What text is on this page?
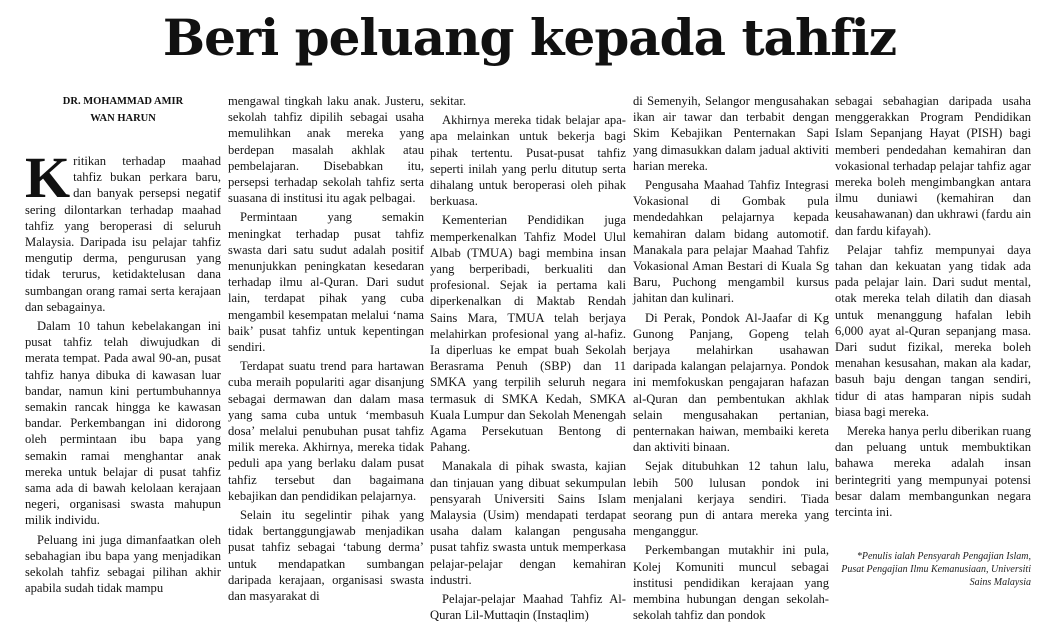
Beri peluang kepada tahfiz
DR. MOHAMMAD AMIR
WAN HARUN

Kritikan terhadap maahad tahfiz bukan perkara baru, dan banyak persepsi negatif sering dilontarkan terhadap maahad tahfiz yang beroperasi di seluruh Malaysia. Daripada isu pelajar tahfiz mengutip derma, pengurusan yang tidak terurus, ketidaktelusan dana sumbangan orang ramai serta kerajaan dan sebagainya.

Dalam 10 tahun kebelakangan ini pusat tahfiz telah diwujudkan di merata tempat. Pada awal 90-an, pusat tahfiz hanya dibuka di kawasan luar bandar, namun kini pertumbuhannya semakin rancak hingga ke kawasan bandar. Perkembangan ini didorong oleh permintaan ibu bapa yang semakin ramai menghantar anak mereka untuk belajar di pusat tahfiz sama ada di bawah kelolaan kerajaan negeri, organisasi swasta mahupun milik individu.

Peluang ini juga dimanfaatkan oleh sebahagian ibu bapa yang menjadikan sekolah tahfiz sebagai pilihan akhir apabila sudah tidak mampu

mengawal tingkah laku anak. Justeru, sekolah tahfiz dipilih sebagai usaha memulihkan anak mereka yang berdepan masalah akhlak atau pembelajaran. Disebabkan itu, persepsi terhadap sekolah tahfiz serta suasana di institusi itu agak pelbagai.

Permintaan yang semakin meningkat terhadap pusat tahfiz swasta dari satu sudut adalah positif menunjukkan peningkatan kesedaran terhadap ilmu al-Quran. Dari sudut lain, terdapat pihak yang cuba mengambil kesempatan melalui ‘nama baik’ pusat tahfiz untuk kepentingan sendiri.

Terdapat suatu trend para hartawan cuba meraih populariti agar disanjung sebagai dermawan dan dalam masa yang sama cuba untuk ‘membasuh dosa’ melalui penubuhan pusat tahfiz milik mereka. Akhirnya, mereka tidak peduli apa yang berlaku dalam pusat tahfiz tersebut dan bagaimana kebajikan dan pendidikan pelajarnya.

Selain itu segelintir pihak yang tidak bertanggungjawab menjadikan pusat tahfiz sebagai ‘tabung derma’ untuk mendapatkan sumbangan daripada kerajaan, organisasi swasta dan masyarakat di

sekitar.

Akhirnya mereka tidak belajar apa-apa melainkan untuk bekerja bagi pihak tertentu. Pusat-pusat tahfiz seperti inilah yang perlu ditutup serta dihalang untuk beroperasi oleh pihak berkuasa.

Kementerian Pendidikan juga memperkenalkan Tahfiz Model Ulul Albab (TMUA) bagi membina insan yang berperibadi, berkualiti dan profesional. Sejak ia pertama kali diperkenalkan di Maktab Rendah Sains Mara, TMUA telah berjaya melahirkan profesional yang al-hafiz. Ia diperluas ke empat buah Sekolah Berasrama Penuh (SBP) dan 11 SMKA yang terpilih seluruh negara termasuk di SMKA Kedah, SMKA Kuala Lumpur dan Sekolah Menengah Agama Persekutuan Bentong di Pahang.

Manakala di pihak swasta, kajian dan tinjauan yang dibuat sekumpulan pensyarah Universiti Sains Islam Malaysia (Usim) mendapati terdapat usaha dalam kalangan pengusaha pusat tahfiz swasta untuk memperkasa pelajar-pelajar dengan kemahiran industri.

Pelajar-pelajar Maahad Tahfiz Al-Quran Lil-Muttaqin (Instaqlim)

di Semenyih, Selangor mengusahakan ikan air tawar dan terbabit dengan Skim Kebajikan Penternakan Sapi yang dimasukkan dalam jadual aktiviti harian mereka.

Pengusaha Maahad Tahfiz Integrasi Vokasional di Gombak pula mendedahkan pelajarnya kepada kemahiran dalam bidang automotif. Manakala para pelajar Maahad Tahfiz Vokasional Aman Bestari di Kuala Sg Baru, Puchong mengambil kursus jahitan dan kulinari.

Di Perak, Pondok Al-Jaafar di Kg Gunong Panjang, Gopeng telah berjaya melahirkan usahawan daripada kalangan pelajarnya. Pondok ini memfokuskan pengajaran hafazan al-Quran dan pembentukan akhlak selain mengusahakan pertanian, penternakan haiwan, membaiki kereta dan aktiviti binaan.

Sejak ditubuhkan 12 tahun lalu, lebih 500 lulusan pondok ini menjalani kerjaya sendiri. Tiada seorang pun di antara mereka yang menganggur.

Perkembangan mutakhir ini pula, Kolej Komuniti muncul sebagai institusi pendidikan kerajaan yang membina hubungan dengan sekolah-sekolah tahfiz dan pondok

sebagai sebahagian daripada usaha menggerakkan Program Pendidikan Islam Sepanjang Hayat (PISH) bagi memberi pendedahan kemahiran dan vokasional terhadap pelajar tahfiz agar mereka boleh mengimbangkan antara ilmu duniawi (kemahiran dan keusahawanan) dan ukhrawi (fardu ain dan fardu kifayah).

Pelajar tahfiz mempunyai daya tahan dan kekuatan yang tidak ada pada pelajar lain. Dari sudut mental, otak mereka telah dilatih dan diasah untuk menanggung hafalan lebih 6,000 ayat al-Quran sepanjang masa. Dari sudut fizikal, mereka boleh menahan kesusahan, makan ala kadar, basuh baju dengan tangan sendiri, tidur di atas hamparan nipis sudah biasa bagi mereka.

Mereka hanya perlu diberikan ruang dan peluang untuk membuktikan bahawa mereka adalah insan berintegriti yang mempunyai potensi besar dalam membangunkan negara tercinta ini.

*Penulis ialah Pensyarah Pengajian Islam, Pusat Pengajian Ilmu Kemanusiaan, Universiti Sains Malaysia
